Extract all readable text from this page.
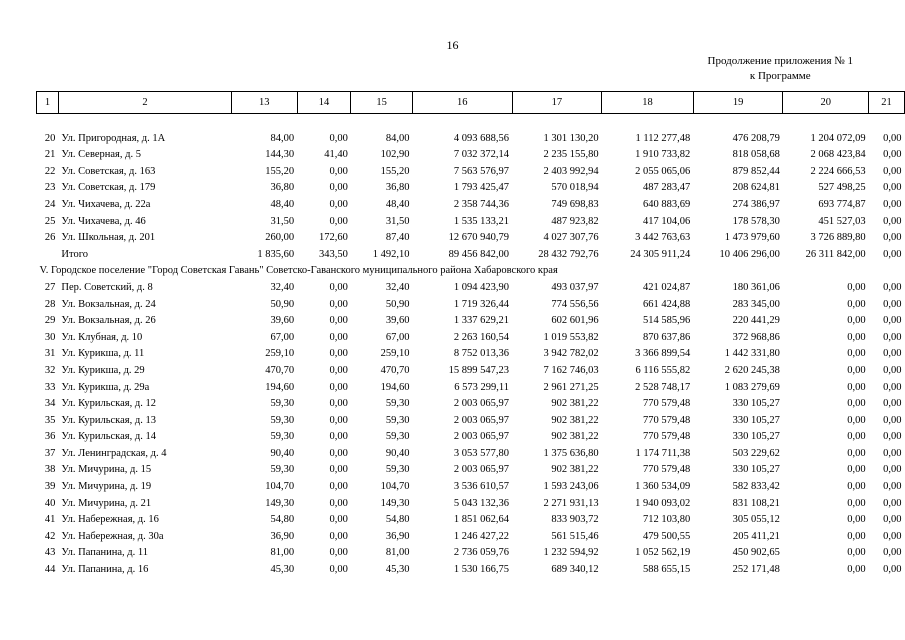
16
Продолжение приложения № 1
к Программе
1	2	13	14	15	16	17	18	19	20	21

20	Ул. Пригородная, д. 1А	84,00	0,00	84,00	4 093 688,56	1 301 130,20	1 112 277,48	476 208,79	1 204 072,09	0,00
21	Ул. Северная, д. 5	144,30	41,40	102,90	7 032 372,14	2 235 155,80	1 910 733,82	818 058,68	2 068 423,84	0,00
22	Ул. Советская, д. 163	155,20	0,00	155,20	7 563 576,97	2 403 992,94	2 055 065,06	879 852,44	2 224 666,53	0,00
23	Ул. Советская, д. 179	36,80	0,00	36,80	1 793 425,47	570 018,94	487 283,47	208 624,81	527 498,25	0,00
24	Ул. Чихачева, д. 22а	48,40	0,00	48,40	2 358 744,36	749 698,83	640 883,69	274 386,97	693 774,87	0,00
25	Ул. Чихачева, д. 46	31,50	0,00	31,50	1 535 133,21	487 923,82	417 104,06	178 578,30	451 527,03	0,00
26	Ул. Школьная, д. 201	260,00	172,60	87,40	12 670 940,79	4 027 307,76	3 442 763,63	1 473 979,60	3 726 889,80	0,00
	Итого	1 835,60	343,50	1 492,10	89 456 842,00	28 432 792,76	24 305 911,24	10 406 296,00	26 311 842,00	0,00
V. Городское поселение "Город Советская Гавань" Советско-Гаванского муниципального района Хабаровского края										
27	Пер. Советский, д. 8	32,40	0,00	32,40	1 094 423,90	493 037,97	421 024,87	180 361,06	0,00	0,00
28	Ул. Вокзальная, д. 24	50,90	0,00	50,90	1 719 326,44	774 556,56	661 424,88	283 345,00	0,00	0,00
29	Ул. Вокзальная, д. 26	39,60	0,00	39,60	1 337 629,21	602 601,96	514 585,96	220 441,29	0,00	0,00
30	Ул. Клубная, д. 10	67,00	0,00	67,00	2 263 160,54	1 019 553,82	870 637,86	372 968,86	0,00	0,00
31	Ул. Курикша, д. 11	259,10	0,00	259,10	8 752 013,36	3 942 782,02	3 366 899,54	1 442 331,80	0,00	0,00
32	Ул. Курикша, д. 29	470,70	0,00	470,70	15 899 547,23	7 162 746,03	6 116 555,82	2 620 245,38	0,00	0,00
33	Ул. Курикша, д. 29а	194,60	0,00	194,60	6 573 299,11	2 961 271,25	2 528 748,17	1 083 279,69	0,00	0,00
34	Ул. Курильская, д. 12	59,30	0,00	59,30	2 003 065,97	902 381,22	770 579,48	330 105,27	0,00	0,00
35	Ул. Курильская, д. 13	59,30	0,00	59,30	2 003 065,97	902 381,22	770 579,48	330 105,27	0,00	0,00
36	Ул. Курильская, д. 14	59,30	0,00	59,30	2 003 065,97	902 381,22	770 579,48	330 105,27	0,00	0,00
37	Ул. Ленинградская, д. 4	90,40	0,00	90,40	3 053 577,80	1 375 636,80	1 174 711,38	503 229,62	0,00	0,00
38	Ул. Мичурина, д. 15	59,30	0,00	59,30	2 003 065,97	902 381,22	770 579,48	330 105,27	0,00	0,00
39	Ул. Мичурина, д. 19	104,70	0,00	104,70	3 536 610,57	1 593 243,06	1 360 534,09	582 833,42	0,00	0,00
40	Ул. Мичурина, д. 21	149,30	0,00	149,30	5 043 132,36	2 271 931,13	1 940 093,02	831 108,21	0,00	0,00
41	Ул. Набережная, д. 16	54,80	0,00	54,80	1 851 062,64	833 903,72	712 103,80	305 055,12	0,00	0,00
42	Ул. Набережная, д. 30а	36,90	0,00	36,90	1 246 427,22	561 515,46	479 500,55	205 411,21	0,00	0,00
43	Ул. Папанина, д. 11	81,00	0,00	81,00	2 736 059,76	1 232 594,92	1 052 562,19	450 902,65	0,00	0,00
44	Ул. Папанина, д. 16	45,30	0,00	45,30	1 530 166,75	689 340,12	588 655,15	252 171,48	0,00	0,00
